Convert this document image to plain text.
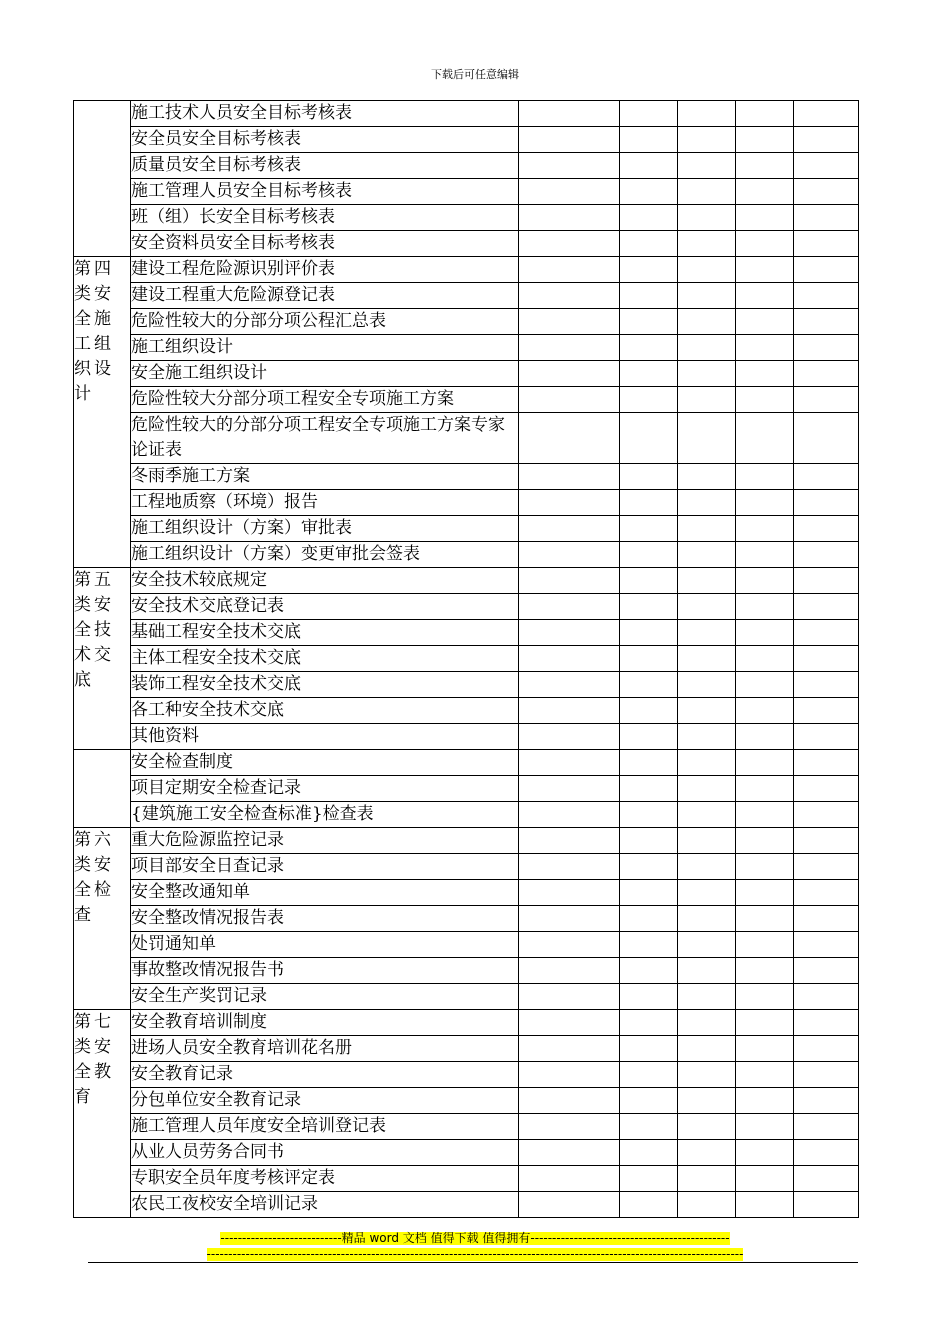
下载后可任意编辑
	施工技术人员安全目标考核表					
	安全员安全目标考核表					
	质量员安全目标考核表					
	施工管理人员安全目标考核表					
	班（组）长安全目标考核表					
	安全资料员安全目标考核表					
第四类安全施工组织设计	建设工程危险源识别评价表					
	建设工程重大危险源登记表					
	危险性较大的分部分项公程汇总表					
	施工组织设计					
	安全施工组织设计					
	危险性较大分部分项工程安全专项施工方案					
	危险性较大的分部分项工程安全专项施工方案专家论证表					
	冬雨季施工方案					
	工程地质察（环境）报告					
	施工组织设计（方案）审批表					
	施工组织设计（方案）变更审批会签表					
第五类安全技术交底	安全技术较底规定					
	安全技术交底登记表					
	基础工程安全技术交底					
	主体工程安全技术交底					
	装饰工程安全技术交底					
	各工种安全技术交底					
	其他资料					
	安全检查制度					
	项目定期安全检查记录					
	{建筑施工安全检查标准}检查表					
第六类安全检查	重大危险源监控记录					
	项目部安全日查记录					
	安全整改通知单					
	安全整改情况报告表					
	处罚通知单					
	事故整改情况报告书					
	安全生产奖罚记录					
第七类安全教育	安全教育培训制度					
	进场人员安全教育培训花名册					
	安全教育记录					
	分包单位安全教育记录					
	施工管理人员年度安全培训登记表					
	从业人员劳务合同书					
	专职安全员年度考核评定表					
	农民工夜校安全培训记录					
----------------------------精品 word 文档 值得下载 值得拥有----------------------------------------------
----------------------------------------------------------------------------------------------------------------------------
